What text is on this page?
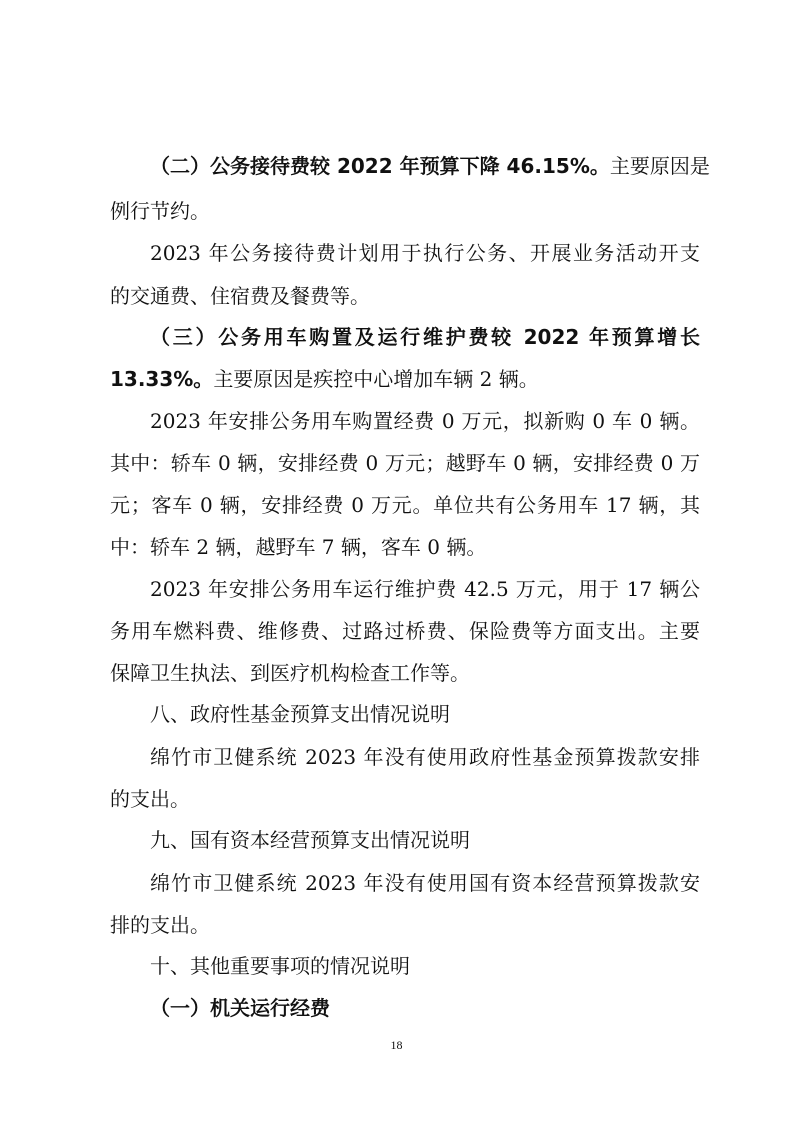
（二）公务接待费较 2022 年预算下降 46.15%。主要原因是
例行节约。
2023 年公务接待费计划用于执行公务、开展业务活动开支
的交通费、住宿费及餐费等。
（三）公务用车购置及运行维护费较 2022 年预算增长
13.33%。主要原因是疾控中心增加车辆 2 辆。
2023 年安排公务用车购置经费 0 万元，拟新购 0 车 0 辆。
其中：轿车 0 辆，安排经费 0 万元；越野车 0 辆，安排经费 0 万
元；客车 0 辆，安排经费 0 万元。单位共有公务用车 17 辆，其
中：轿车 2 辆，越野车 7 辆，客车 0 辆。
2023 年安排公务用车运行维护费 42.5 万元，用于 17 辆公
务用车燃料费、维修费、过路过桥费、保险费等方面支出。主要
保障卫生执法、到医疗机构检查工作等。
八、政府性基金预算支出情况说明
绵竹市卫健系统 2023 年没有使用政府性基金预算拨款安排
的支出。
九、国有资本经营预算支出情况说明
绵竹市卫健系统 2023 年没有使用国有资本经营预算拨款安
排的支出。
十、其他重要事项的情况说明
（一）机关运行经费
18
